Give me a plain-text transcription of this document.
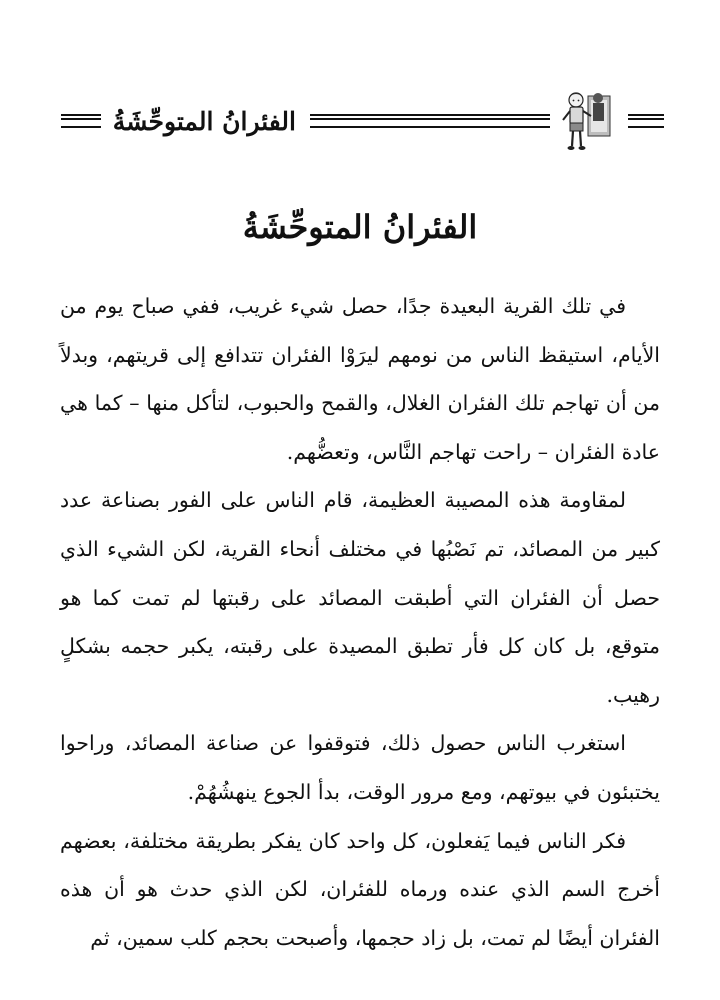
الفئرانُ المتوحِّشَةُ
الفئرانُ المتوحِّشَةُ

في تلك القرية البعيدة جدًا، حصل شيء غريب، ففي صباح يوم من الأيام، استيقظ الناس من نومهم ليرَوْا الفئران تتدافع إلى قريتهم، وبدلاً من أن تهاجم تلك الفئران الغلال، والقمح والحبوب، لتأكل منها – كما هي عادة الفئران – راحت تهاجم النَّاس، وتعضُّهم.

لمقاومة هذه المصيبة العظيمة، قام الناس على الفور بصناعة عدد كبير من المصائد، تم نَصْبُها في مختلف أنحاء القرية، لكن الشيء الذي حصل أن الفئران التي أطبقت المصائد على رقبتها لم تمت كما هو متوقع، بل كان كل فأر تطبق المصيدة على رقبته، يكبر حجمه بشكلٍ رهيب.

استغرب الناس حصول ذلك، فتوقفوا عن صناعة المصائد، وراحوا يختبئون في بيوتهم، ومع مرور الوقت، بدأ الجوع ينهشُهُمْ.

فكر الناس فيما يَفعلون، كل واحد كان يفكر بطريقة مختلفة، بعضهم أخرج السم الذي عنده ورماه للفئران، لكن الذي حدث هو أن هذه الفئران أيضًا لم تمت، بل زاد حجمها، وأصبحت بحجم كلب سمين، ثم
